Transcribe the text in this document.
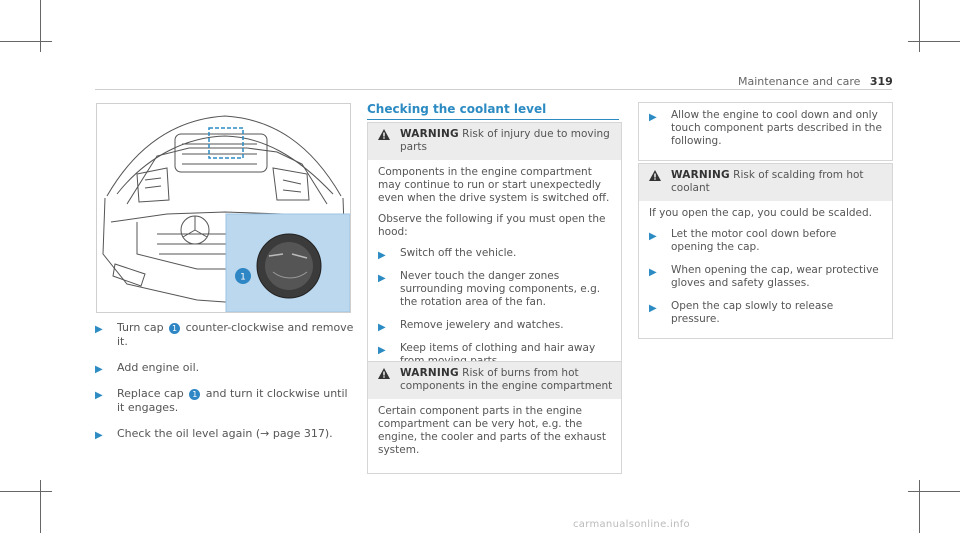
Maintenance and care 319
1
▶ Turn cap 1 counter-clockwise and remove it.
▶ Add engine oil.
▶ Replace cap 1 and turn it clockwise until it engages.
▶ Check the oil level again (→ page 317).
Checking the coolant level
WARNING Risk of injury due to moving parts

Components in the engine compartment may continue to run or start unexpectedly even when the drive system is switched off.

Observe the following if you must open the hood:

▶ Switch off the vehicle.
▶ Never touch the danger zones surrounding moving components, e.g. the rotation area of the fan.
▶ Remove jewelery and watches.
▶ Keep items of clothing and hair away
WARNING Risk of burns from hot components in the engine compartment

Certain component parts in the engine compartment can be very hot, e.g. the engine, the cooler and parts of the exhaust system.

▶ Allow the engine to cool down and only touch component parts described in the following.
WARNING Risk of scalding from hot coolant

If you open the cap, you could be scalded.

▶ Let the motor cool down before opening the cap.
▶ When opening the cap, wear protective gloves and safety glasses.
▶ Open the cap slowly to release pressure.
carmanualsonline.info
